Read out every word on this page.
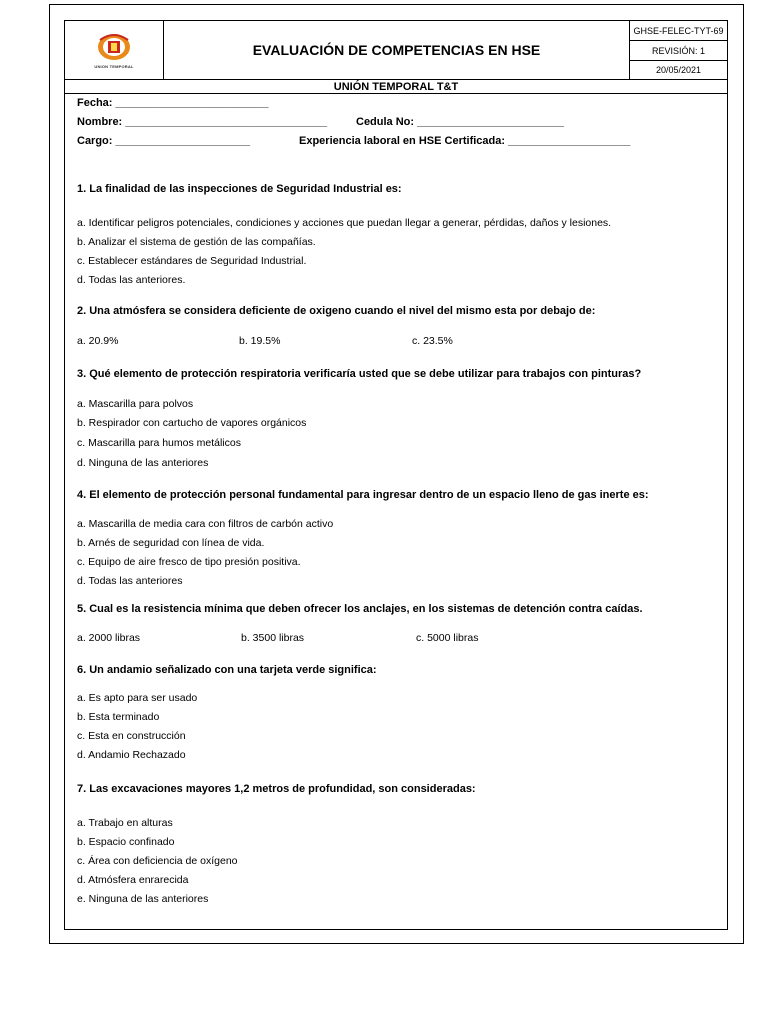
UNION TEMPORAL
EVALUACIÓN DE COMPETENCIAS EN HSE
GHSE-FELEC-TYT-69
REVISIÓN: 1
20/05/2021
UNIÓN TEMPORAL T&T
Fecha: _________________________
Nombre: _________________________________	Cedula No: ________________________
Cargo: ______________________	Experiencia laboral en HSE Certificada: ____________________
1. La finalidad de las inspecciones de Seguridad Industrial es:
a. Identificar peligros potenciales, condiciones y acciones que puedan llegar a generar, pérdidas, daños y lesiones.
b. Analizar el sistema de gestión de las compañías.
c. Establecer estándares de Seguridad Industrial.
d. Todas las anteriores.
2. Una atmósfera se considera deficiente de oxigeno cuando el nivel del mismo esta por debajo de:
a. 20.9%	b. 19.5%	c. 23.5%
3. Qué elemento de protección respiratoria verificaría usted que se debe utilizar para trabajos con pinturas?
a. Mascarilla para polvos
b. Respirador con cartucho de vapores orgánicos
c. Mascarilla para humos metálicos
d. Ninguna de las anteriores
4. El elemento de protección personal fundamental para ingresar dentro de un espacio lleno de gas inerte es:
a. Mascarilla de media cara con filtros de carbón activo
b. Arnés de seguridad con línea de vida.
c. Equipo de aire fresco de tipo presión positiva.
d. Todas las anteriores
5. Cual es la resistencia mínima que deben ofrecer los anclajes, en los sistemas de detención contra caídas.
a. 2000 libras	b. 3500 libras	c. 5000 libras
6. Un andamio señalizado con una tarjeta verde significa:
a. Es apto para ser usado
b. Esta terminado
c. Esta en construcción
d. Andamio Rechazado
7. Las excavaciones mayores 1,2 metros de profundidad, son consideradas:
a. Trabajo en alturas
b. Espacio confinado
c. Área con deficiencia de oxígeno
d. Atmósfera enrarecida
e. Ninguna de las anteriores
